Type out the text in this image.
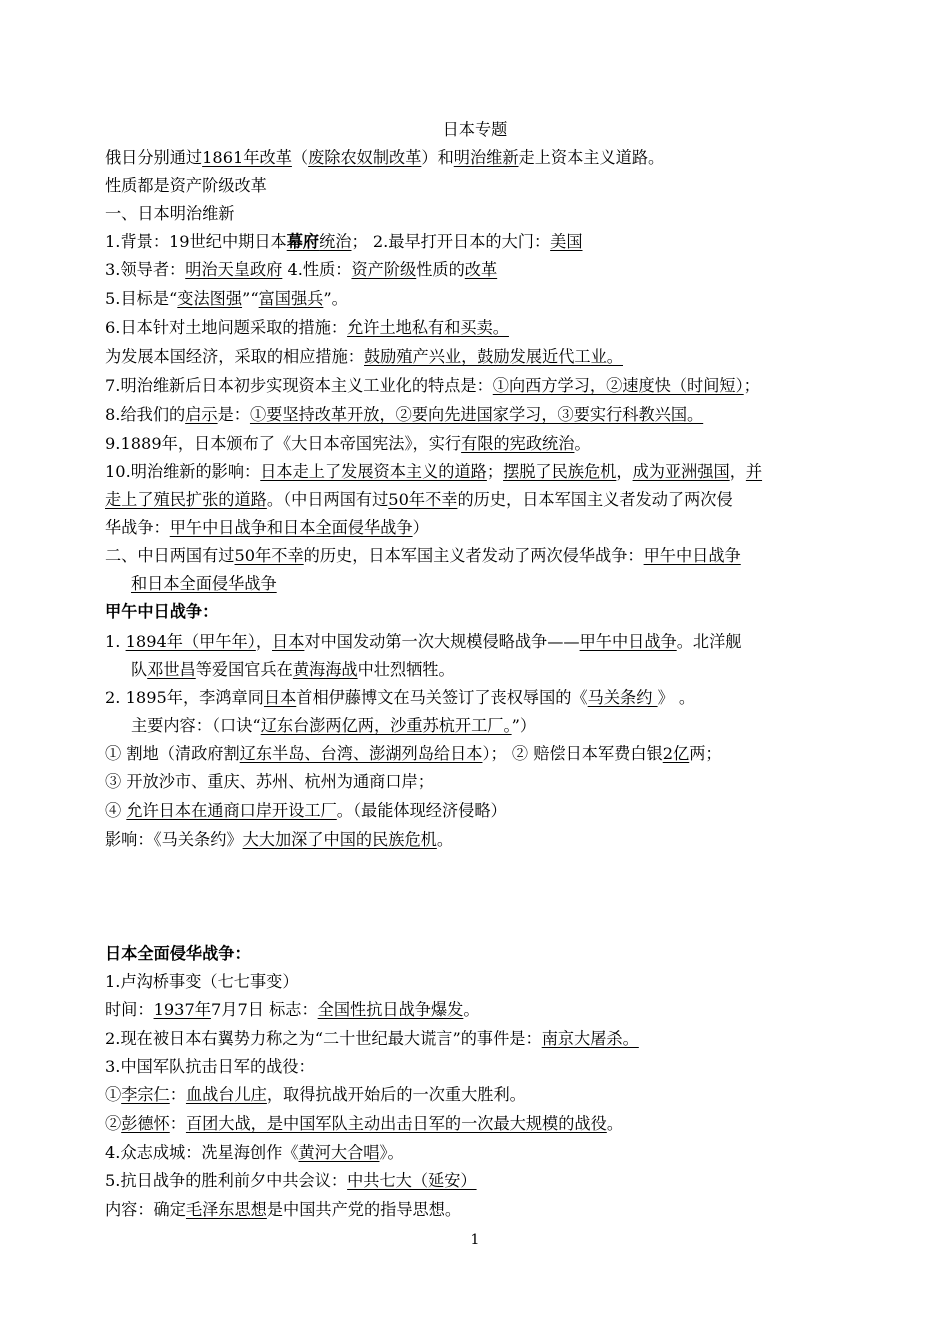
日本专题
俄日分别通过1861年改革（废除农奴制改革）和明治维新走上资本主义道路。
性质都是资产阶级改革
一、日本明治维新
1.背景：19世纪中期日本幕府统治； 2.最早打开日本的大门：美国
3.领导者：明治天皇政府 4.性质：资产阶级性质的改革
5.目标是“变法图强”“富国强兵”。
6.日本针对土地问题采取的措施：允许土地私有和买卖。
为发展本国经济，采取的相应措施：鼓励殖产兴业，鼓励发展近代工业。
7.明治维新后日本初步实现资本主义工业化的特点是：①向西方学习，②速度快（时间短）；
8.给我们的启示是：①要坚持改革开放，②要向先进国家学习，③要实行科教兴国。
9.1889年，日本颁布了《大日本帝国宪法》，实行有限的宪政统治。
10.明治维新的影响：日本走上了发展资本主义的道路；摆脱了民族危机，成为亚洲强国，并
走上了殖民扩张的道路。（中日两国有过50年不幸的历史，日本军国主义者发动了两次侵
华战争：甲午中日战争和日本全面侵华战争）
二、中日两国有过50年不幸的历史，日本军国主义者发动了两次侵华战争：甲午中日战争
和日本全面侵华战争
甲午中日战争：
1. 1894年（甲午年），日本对中国发动第一次大规模侵略战争——甲午中日战争。北洋舰
队邓世昌等爱国官兵在黄海海战中壮烈牺牲。
2. 1895年，李鸿章同日本首相伊藤博文在马关签订了丧权辱国的《马关条约 》 。
主要内容：（口诀“辽东台澎两亿两，沙重苏杭开工厂。”）
① 割地（清政府割辽东半岛、台湾、澎湖列岛给日本）； ② 赔偿日本军费白银2亿两；
③ 开放沙市、重庆、苏州、杭州为通商口岸；
④ 允许日本在通商口岸开设工厂。（最能体现经济侵略）
影响：《马关条约》大大加深了中国的民族危机。
日本全面侵华战争：
1.卢沟桥事变（七七事变）
时间：1937年7月7日 标志：全国性抗日战争爆发。
2.现在被日本右翼势力称之为“二十世纪最大谎言”的事件是：南京大屠杀。
3.中国军队抗击日军的战役：
①李宗仁：血战台儿庄，取得抗战开始后的一次重大胜利。
②彭德怀：百团大战，是中国军队主动出击日军的一次最大规模的战役。
4.众志成城：冼星海创作《黄河大合唱》。
5.抗日战争的胜利前夕中共会议：中共七大（延安）
内容：确定毛泽东思想是中国共产党的指导思想。
1
